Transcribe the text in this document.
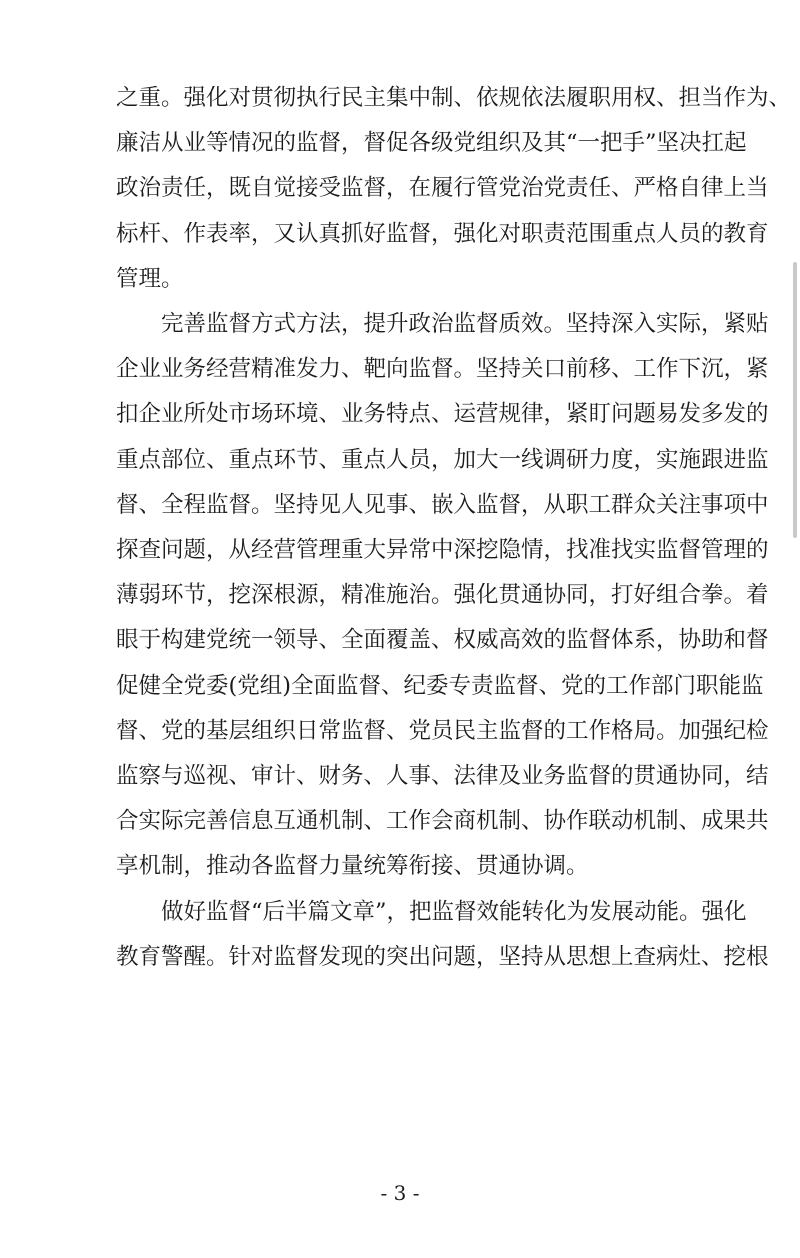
之重。强化对贯彻执行民主集中制、依规依法履职用权、担当作为、
廉洁从业等情况的监督，督促各级党组织及其“一把手”坚决扛起
政治责任，既自觉接受监督，在履行管党治党责任、严格自律上当
标杆、作表率，又认真抓好监督，强化对职责范围重点人员的教育
管理。
完善监督方式方法，提升政治监督质效。坚持深入实际，紧贴
企业业务经营精准发力、靶向监督。坚持关口前移、工作下沉，紧
扣企业所处市场环境、业务特点、运营规律，紧盯问题易发多发的
重点部位、重点环节、重点人员，加大一线调研力度，实施跟进监
督、全程监督。坚持见人见事、嵌入监督，从职工群众关注事项中
探查问题，从经营管理重大异常中深挖隐情，找准找实监督管理的
薄弱环节，挖深根源，精准施治。强化贯通协同，打好组合拳。着
眼于构建党统一领导、全面覆盖、权威高效的监督体系，协助和督
促健全党委(党组)全面监督、纪委专责监督、党的工作部门职能监
督、党的基层组织日常监督、党员民主监督的工作格局。加强纪检
监察与巡视、审计、财务、人事、法律及业务监督的贯通协同，结
合实际完善信息互通机制、工作会商机制、协作联动机制、成果共
享机制，推动各监督力量统筹衔接、贯通协调。
做好监督“后半篇文章”，把监督效能转化为发展动能。强化
教育警醒。针对监督发现的突出问题，坚持从思想上查病灶、挖根
- 3 -
